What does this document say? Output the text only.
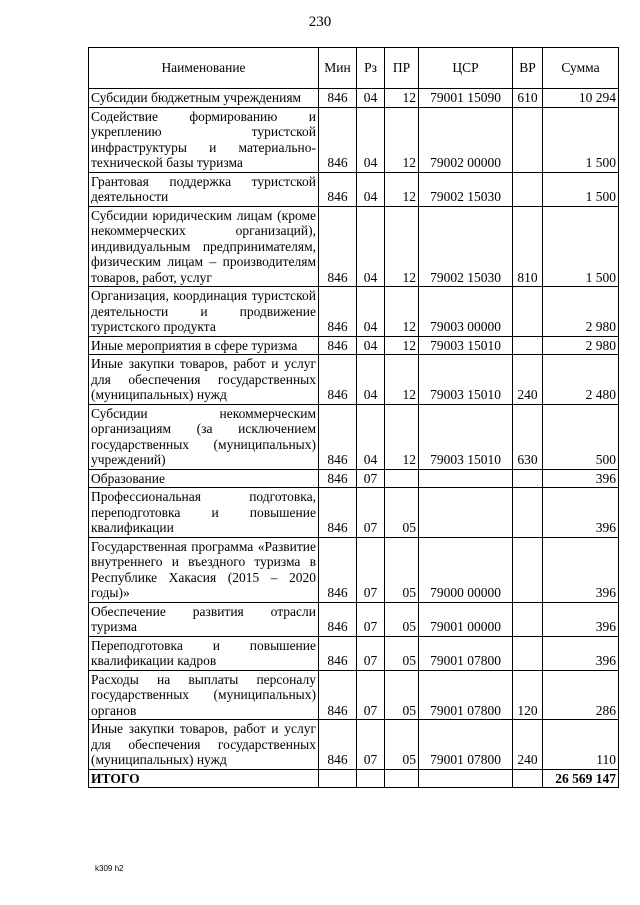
230
Наименование	Мин	Рз	ПР	ЦСР	ВР	Сумма
Субсидии бюджетным учреждениям	846	04	12	79001 15090	610	10 294
Содействие формированию и укреплению туристской инфраструктуры и материально-технической базы туризма	846	04	12	79002 00000		1 500
Грантовая поддержка туристской деятельности	846	04	12	79002 15030		1 500
Субсидии юридическим лицам (кроме некоммерческих организаций), индивидуальным предпринимателям, физическим лицам – производителям товаров, работ, услуг	846	04	12	79002 15030	810	1 500
Организация, координация туристской деятельности и продвижение туристского продукта	846	04	12	79003 00000		2 980
Иные мероприятия в сфере туризма	846	04	12	79003 15010		2 980
Иные закупки товаров, работ и услуг для обеспечения государственных (муниципальных) нужд	846	04	12	79003 15010	240	2 480
Субсидии некоммерческим организациям (за исключением государственных (муниципальных) учреждений)	846	04	12	79003 15010	630	500
Образование	846	07				396
Профессиональная подготовка, переподготовка и повышение квалификации	846	07	05			396
Государственная программа «Развитие внутреннего и въездного туризма в Республике Хакасия (2015 – 2020 годы)»	846	07	05	79000 00000		396
Обеспечение развития отрасли туризма	846	07	05	79001 00000		396
Переподготовка и повышение квалификации кадров	846	07	05	79001 07800		396
Расходы на выплаты персоналу государственных (муниципальных) органов	846	07	05	79001 07800	120	286
Иные закупки товаров, работ и услуг для обеспечения государственных (муниципальных) нужд	846	07	05	79001 07800	240	110
ИТОГО						26 569 147
k309 h2
